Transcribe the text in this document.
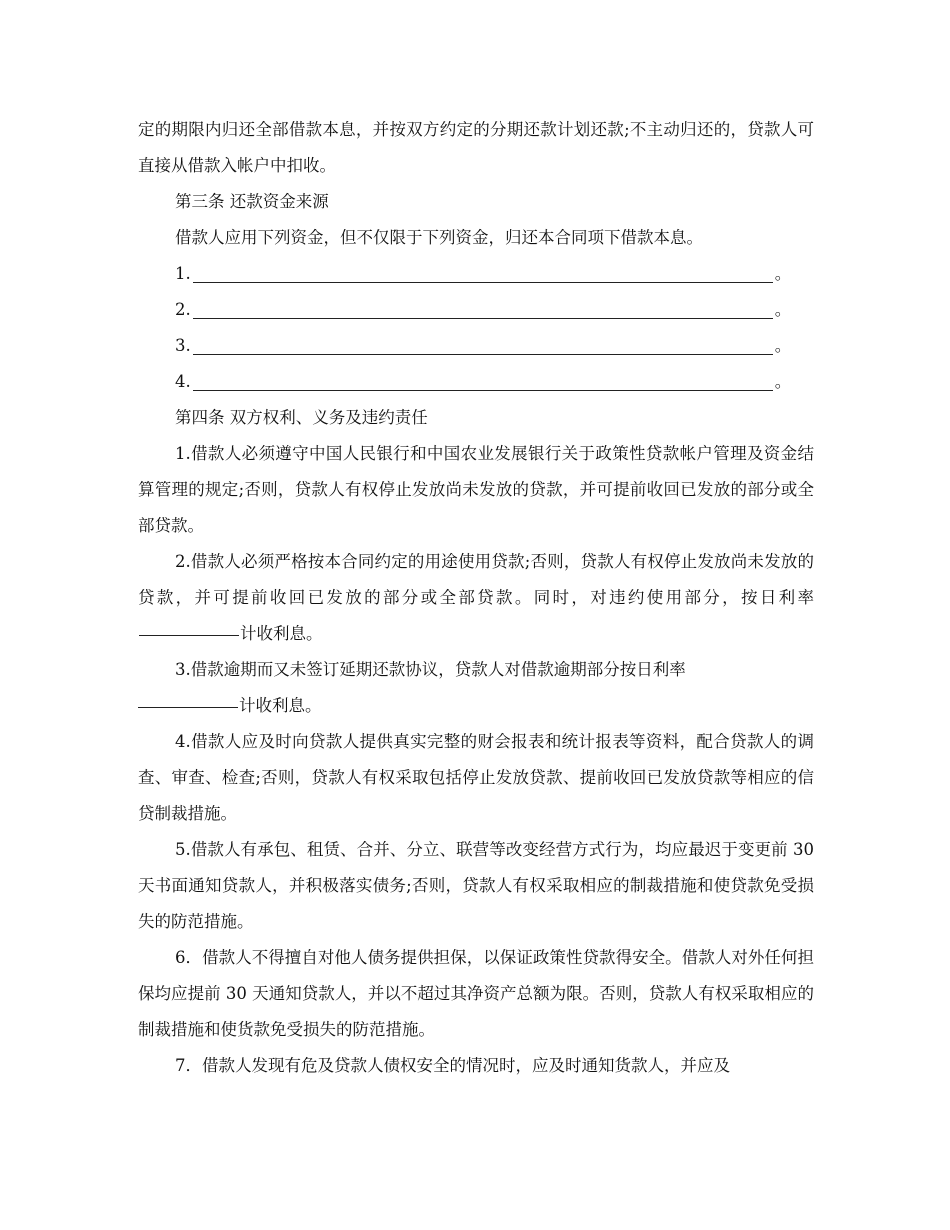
定的期限内归还全部借款本息，并按双方约定的分期还款计划还款;不主动归还的，贷款人可直接从借款入帐户中扣收。

第三条 还款资金来源

借款人应用下列资金，但不仅限于下列资金，归还本合同项下借款本息。

1.	。
2.	。
3.	。
4.	。

第四条 双方权利、义务及违约责任

1.借款人必须遵守中国人民银行和中国农业发展银行关于政策性贷款帐户管理及资金结算管理的规定;否则，贷款人有权停止发放尚未发放的贷款，并可提前收回已发放的部分或全部贷款。

2.借款人必须严格按本合同约定的用途使用贷款;否则，贷款人有权停止发放尚未发放的贷款，并可提前收回已发放的部分或全部贷款。同时，对违约使用部分，按日利率计收利息。

3.借款逾期而又未签订延期还款协议，贷款人对借款逾期部分按日利率
计收利息。

4.借款人应及时向贷款人提供真实完整的财会报表和统计报表等资料，配合贷款人的调查、审查、检查;否则，贷款人有权采取包括停止发放贷款、提前收回已发放贷款等相应的信贷制裁措施。

5.借款人有承包、租赁、合并、分立、联营等改变经营方式行为，均应最迟于变更前 30 天书面通知贷款人，并积极落实债务;否则，贷款人有权采取相应的制裁措施和使贷款免受损失的防范措施。

6．借款人不得擅自对他人债务提供担保，以保证政策性贷款得安全。借款人对外任何担保均应提前 30 天通知贷款人，并以不超过其净资产总额为限。否则，贷款人有权采取相应的制裁措施和使货款免受损失的防范措施。

7．借款人发现有危及贷款人债权安全的情况时，应及时通知货款人，并应及
